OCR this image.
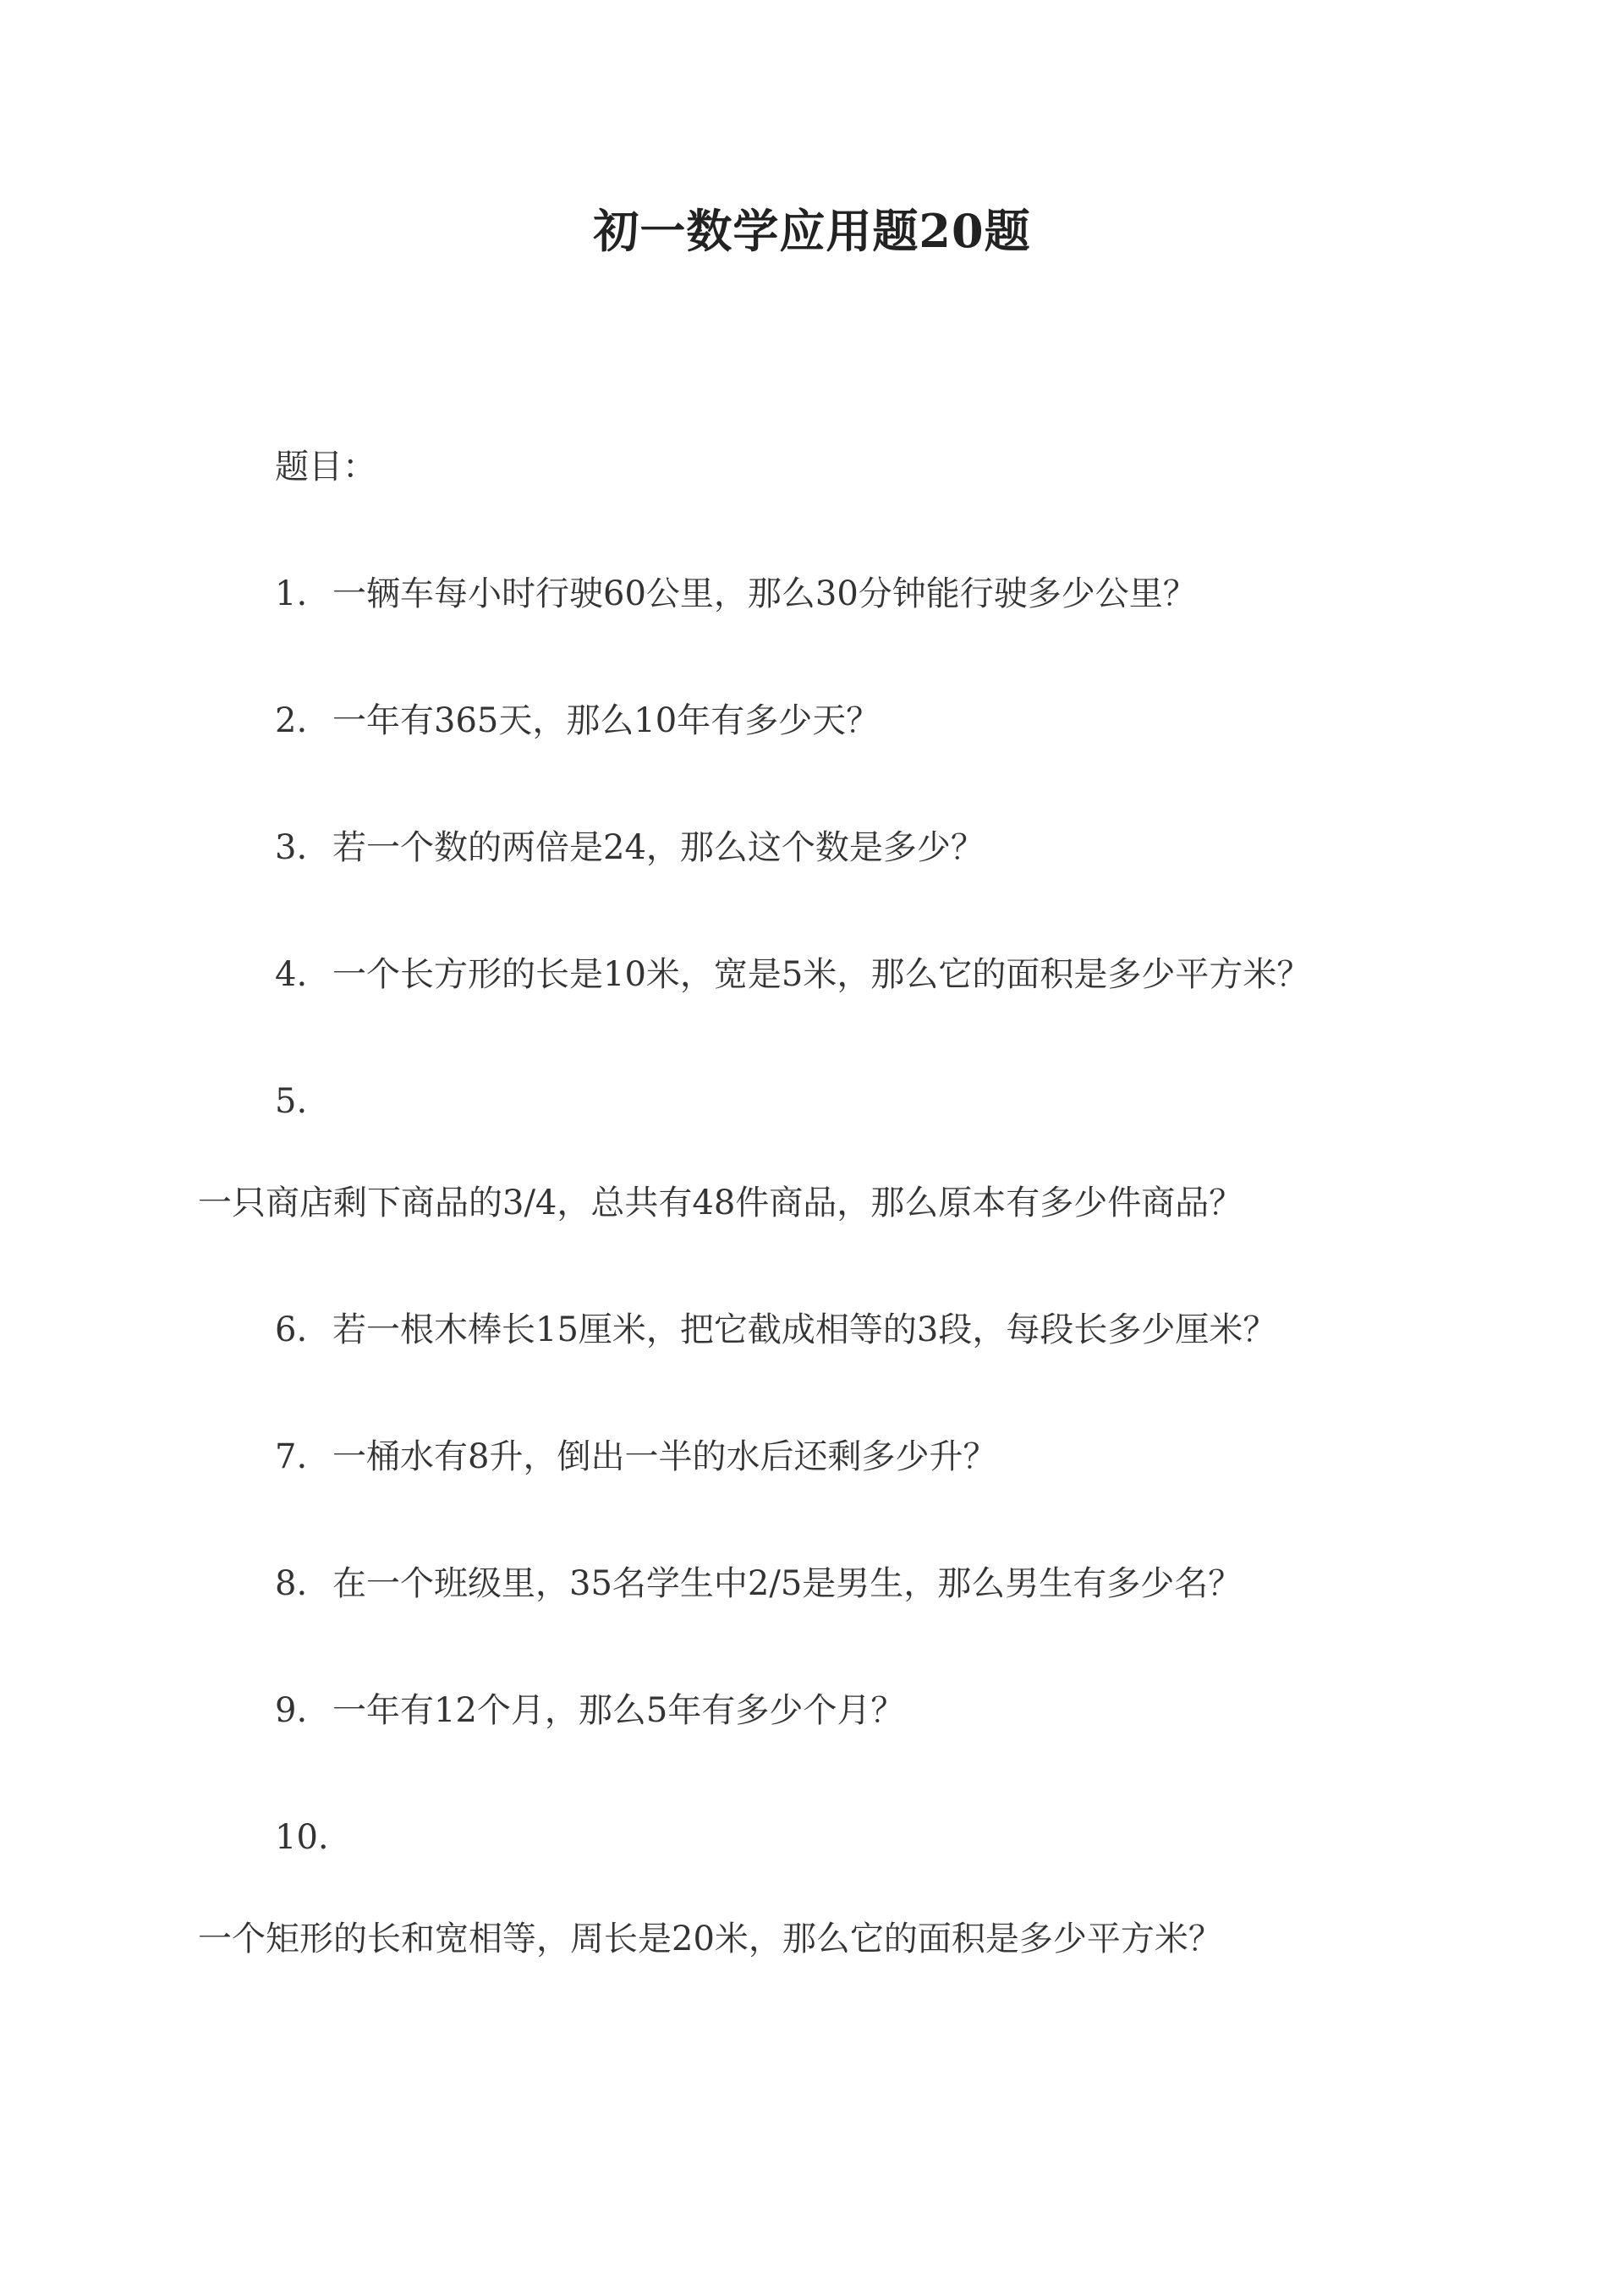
初一数学应用题20题
题目：
1. 一辆车每小时行驶60公里，那么30分钟能行驶多少公里？
2. 一年有365天，那么10年有多少天？
3. 若一个数的两倍是24，那么这个数是多少？
4. 一个长方形的长是10米，宽是5米，那么它的面积是多少平方米？
5.
一只商店剩下商品的3/4，总共有48件商品，那么原本有多少件商品？
6. 若一根木棒长15厘米，把它截成相等的3段，每段长多少厘米？
7. 一桶水有8升，倒出一半的水后还剩多少升？
8. 在一个班级里，35名学生中2/5是男生，那么男生有多少名？
9. 一年有12个月，那么5年有多少个月？
10.
一个矩形的长和宽相等，周长是20米，那么它的面积是多少平方米？
